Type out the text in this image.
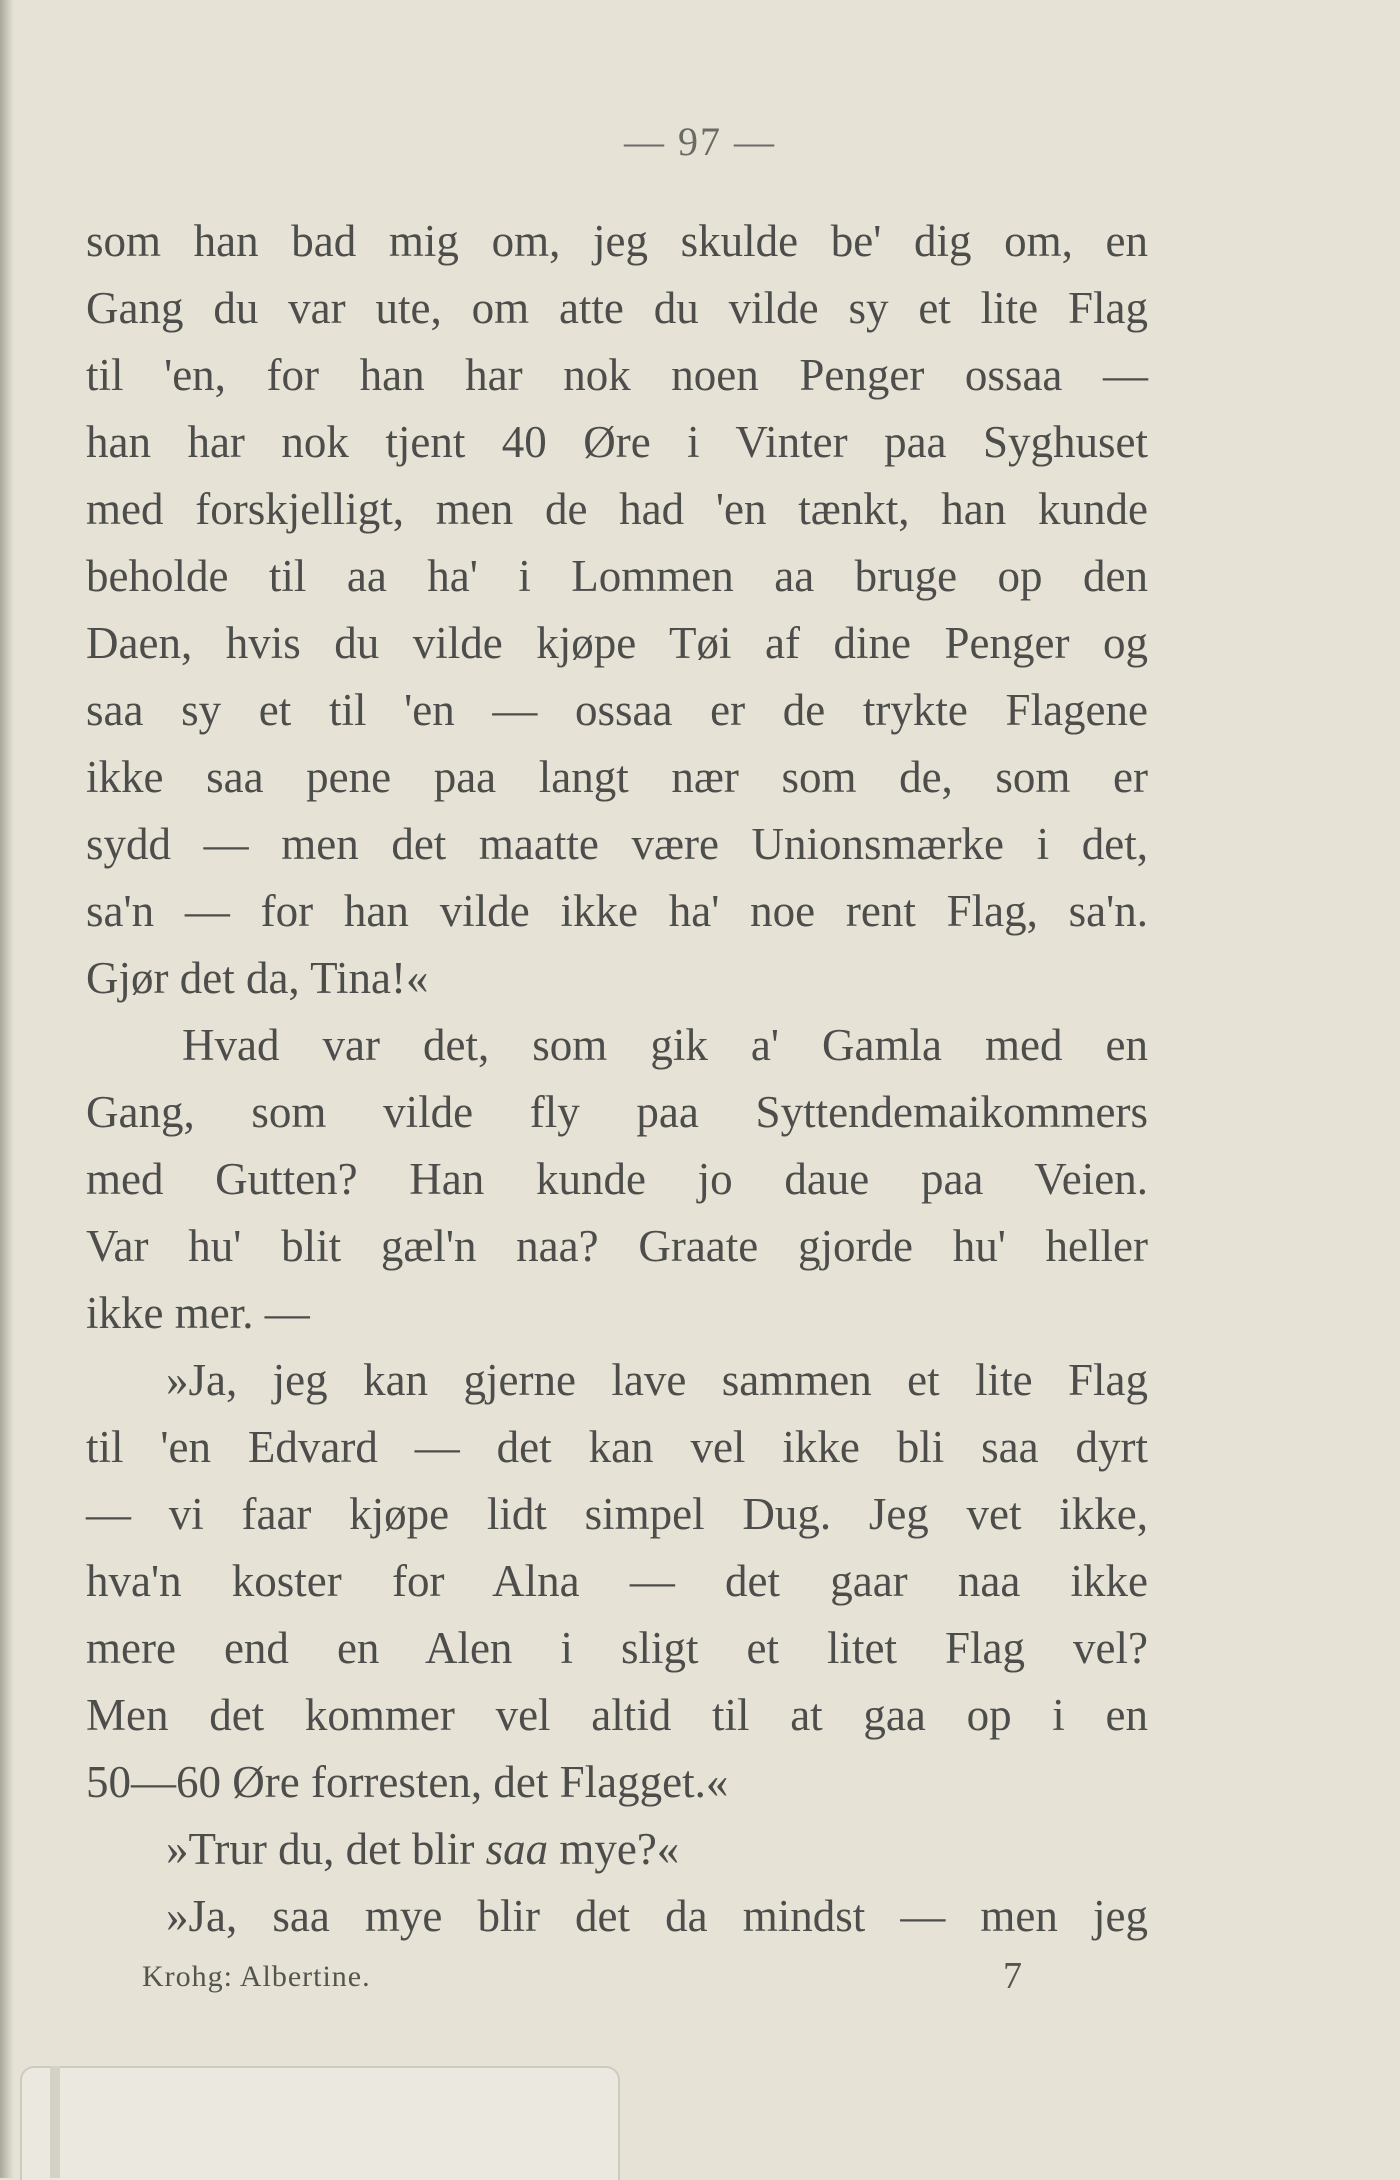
— 97 —
som han bad mig om, jeg skulde be' dig om, en
Gang du var ute, om atte du vilde sy et lite Flag
til 'en, for han har nok noen Penger ossaa —
han har nok tjent 40 Øre i Vinter paa Syghuset
med forskjelligt, men de had 'en tænkt, han kunde
beholde til aa ha' i Lommen aa bruge op den
Daen, hvis du vilde kjøpe Tøi af dine Penger og
saa sy et til 'en — ossaa er de trykte Flagene
ikke saa pene paa langt nær som de, som er
sydd — men det maatte være Unionsmærke i det,
sa'n — for han vilde ikke ha' noe rent Flag, sa'n.
Gjør det da, Tina!«
Hvad var det, som gik a' Gamla med en
Gang, som vilde fly paa Syttendemaikommers
med Gutten? Han kunde jo daue paa Veien.
Var hu' blit gæl'n naa? Graate gjorde hu' heller
ikke mer. —
»Ja, jeg kan gjerne lave sammen et lite Flag
til 'en Edvard — det kan vel ikke bli saa dyrt
— vi faar kjøpe lidt simpel Dug. Jeg vet ikke,
hva'n koster for Alna — det gaar naa ikke
mere end en Alen i sligt et litet Flag vel?
Men det kommer vel altid til at gaa op i en
50—60 Øre forresten, det Flagget.«
»Trur du, det blir saa mye?«
»Ja, saa mye blir det da mindst — men jeg
Krohg: Albertine.	7
